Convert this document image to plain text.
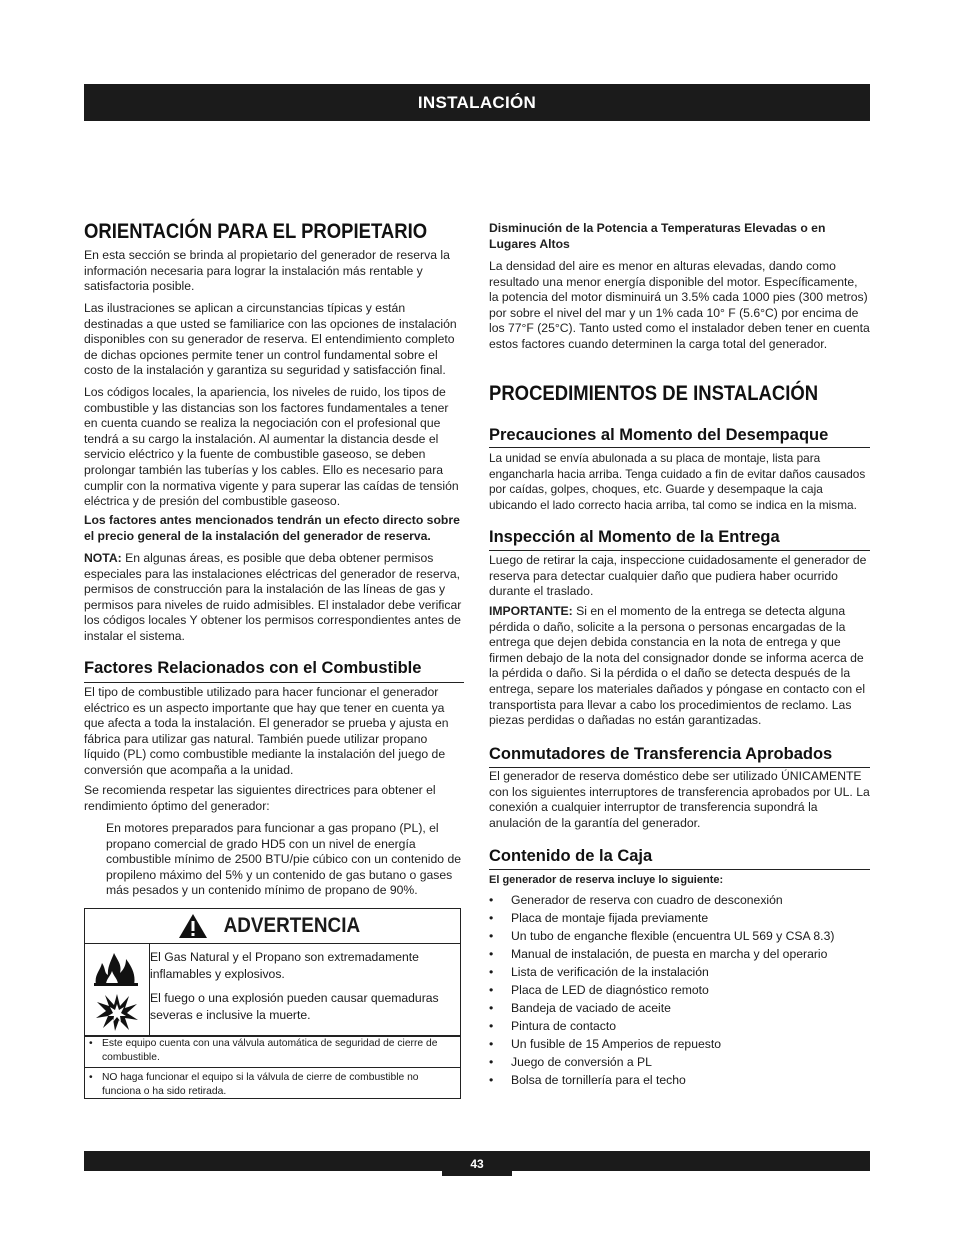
INSTALACIÓN
ORIENTACIÓN PARA EL PROPIETARIO

En esta sección se brinda al propietario del generador de reserva la información necesaria para lograr la instalación más rentable y satisfactoria posible.

Las ilustraciones se aplican a circunstancias típicas y están destinadas a que usted se familiarice con las opciones de instalación disponibles con su generador de reserva. El entendimiento completo de dichas opciones permite tener un control fundamental sobre el costo de la instalación y garantiza su seguridad y satisfacción final.

Los códigos locales, la apariencia, los niveles de ruido, los tipos de combustible y las distancias son los factores fundamentales a tener en cuenta cuando se realiza la negociación con el profesional que tendrá a su cargo la instalación. Al aumentar la distancia desde el servicio eléctrico y la fuente de combustible gaseoso, se deben prolongar también las tuberías y los cables. Ello es necesario para cumplir con la normativa vigente y para superar las caídas de tensión eléctrica y de presión del combustible gaseoso.

Los factores antes mencionados tendrán un efecto directo sobre el precio general de la instalación del generador de reserva.

NOTA: En algunas áreas, es posible que deba obtener permisos especiales para las instalaciones eléctricas del generador de reserva, permisos de construcción para la instalación de las líneas de gas y permisos para niveles de ruido admisibles. El instalador debe verificar los códigos locales Y obtener los permisos correspondientes antes de instalar el sistema.

Factores Relacionados con el Combustible

El tipo de combustible utilizado para hacer funcionar el generador eléctrico es un aspecto importante que hay que tener en cuenta ya que afecta a toda la instalación. El generador se prueba y ajusta en fábrica para utilizar gas natural. También puede utilizar propano líquido (PL) como combustible mediante la instalación del juego de conversión que acompaña a la unidad.

Se recomienda respetar las siguientes directrices para obtener el rendimiento óptimo del generador:

En motores preparados para funcionar a gas propano (PL), el propano comercial de grado HD5 con un nivel de energía combustible mínimo de 2500 BTU/pie cúbico con un contenido de propileno máximo del 5% y un contenido de gas butano o gases más pesados y un contenido mínimo de propano de 90%.

ADVERTENCIA
El Gas Natural y el Propano son extremadamente inflamables y explosivos.
El fuego o una explosión pueden causar quemaduras severas e inclusive la muerte.
• Este equipo cuenta con una válvula automática de seguridad de cierre de combustible.
• NO haga funcionar el equipo si la válvula de cierre de combustible no funciona o ha sido retirada.

Disminución de la Potencia a Temperaturas Elevadas o en Lugares Altos

La densidad del aire es menor en alturas elevadas, dando como resultado una menor energía disponible del motor. Específicamente, la potencia del motor disminuirá un 3.5% cada 1000 pies (300 metros) por sobre el nivel del mar y un 1% cada 10° F (5.6°C) por encima de los 77°F (25°C). Tanto usted como el instalador deben tener en cuenta estos factores cuando determinen la carga total del generador.

PROCEDIMIENTOS DE INSTALACIÓN
Precauciones al Momento del Desempaque

La unidad se envía abulonada a su placa de montaje, lista para engancharla hacia arriba. Tenga cuidado a fin de evitar daños causados por caídas, golpes, choques, etc. Guarde y desempaque la caja ubicando el lado correcto hacia arriba, tal como se indica en la misma.

Inspección al Momento de la Entrega

Luego de retirar la caja, inspeccione cuidadosamente el generador de reserva para detectar cualquier daño que pudiera haber ocurrido durante el traslado.

IMPORTANTE: Si en el momento de la entrega se detecta alguna pérdida o daño, solicite a la persona o personas encargadas de la entrega que dejen debida constancia en la nota de entrega y que firmen debajo de la nota del consignador donde se informa acerca de la pérdida o daño. Si la pérdida o el daño se detecta después de la entrega, separe los materiales dañados y póngase en contacto con el transportista para llevar a cabo los procedimientos de reclamo. Las piezas perdidas o dañadas no están garantizadas.

Conmutadores de Transferencia Aprobados

El generador de reserva doméstico debe ser utilizado ÚNICAMENTE con los siguientes interruptores de transferencia aprobados por UL. La conexión a cualquier interruptor de transferencia supondrá la anulación de la garantía del generador.

Contenido de la Caja

El generador de reserva incluye lo siguiente:

• Generador de reserva con cuadro de desconexión
• Placa de montaje fijada previamente
• Un tubo de enganche flexible (encuentra UL 569 y CSA 8.3)
• Manual de instalación, de puesta en marcha y del operario
• Lista de verificación de la instalación
• Placa de LED de diagnóstico remoto
• Bandeja de vaciado de aceite
• Pintura de contacto
• Un fusible de 15 Amperios de repuesto
• Juego de conversión a PL
• Bolsa de tornillería para el techo
43
